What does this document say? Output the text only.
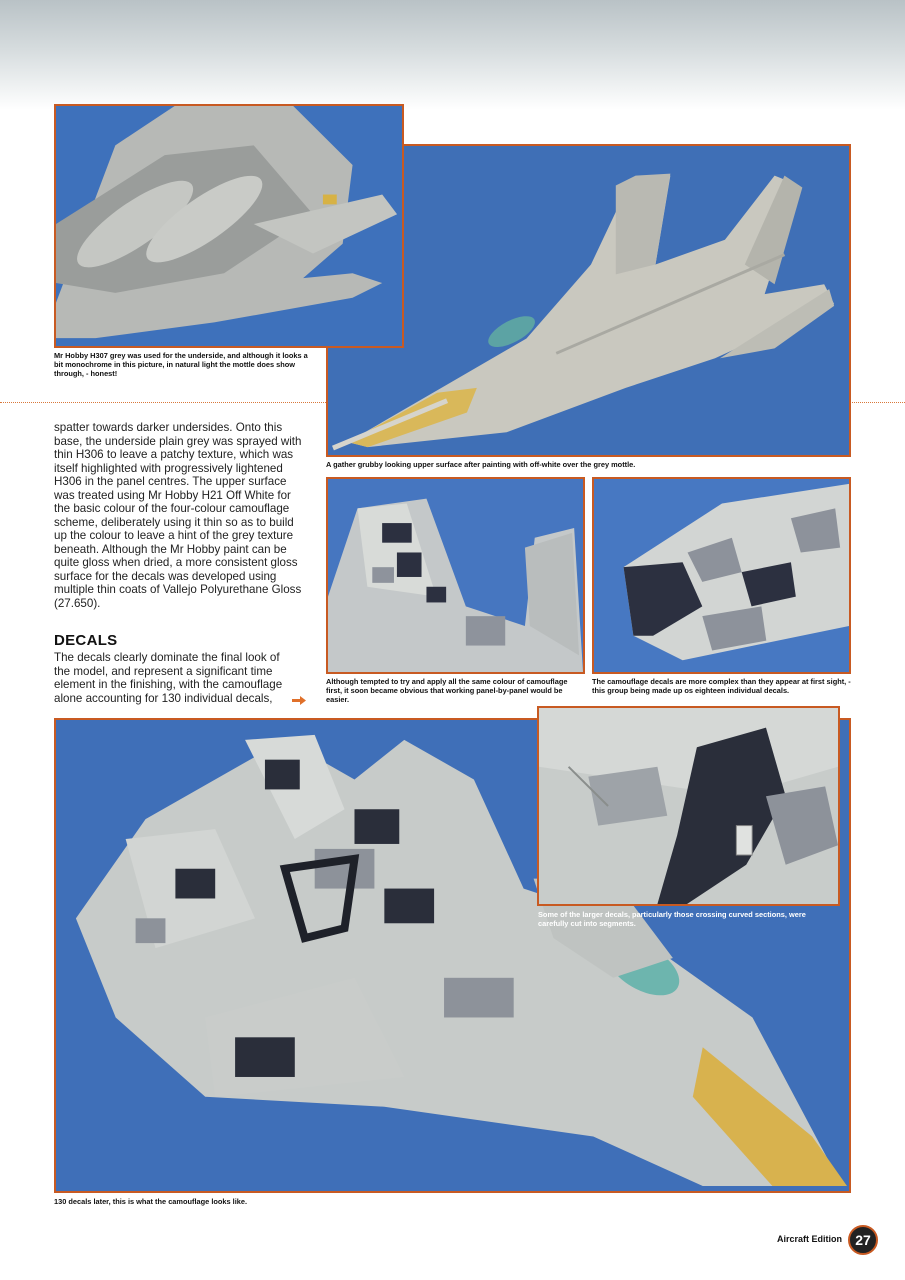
Mr Hobby H307 grey was used for the underside, and although it looks a bit monochrome in this picture, in natural light the mottle does show through, - honest!
A gather grubby looking upper surface after painting with off-white over the grey mottle.

spatter towards darker undersides. Onto this base, the underside plain grey was sprayed with thin H306 to leave a patchy texture, which was itself highlighted with progressively lightened H306 in the panel centres. The upper surface was treated using Mr Hobby H21 Off White for the basic colour of the four-colour camouflage scheme, deliberately using it thin so as to build up the colour to leave a hint of the grey texture beneath. Although the Mr Hobby paint can be quite gloss when dried, a more consistent gloss surface for the decals was developed using multiple thin coats of Vallejo Polyurethane Gloss (27.650).

DECALS

The decals clearly dominate the final look of the model, and represent a significant time element in the finishing, with the camouflage alone accounting for 130 individual decals,

Although tempted to try and apply all the same colour of camouflage first, it soon became obvious that working panel-by-panel would be easier.
The camouflage decals are more complex than they appear at first sight, - this group being made up os eighteen individual decals.
Some of the larger decals, particularly those crossing curved sections, were carefully cut into segments.
130 decals later, this is what the camouflage looks like.
Aircraft Edition 27
